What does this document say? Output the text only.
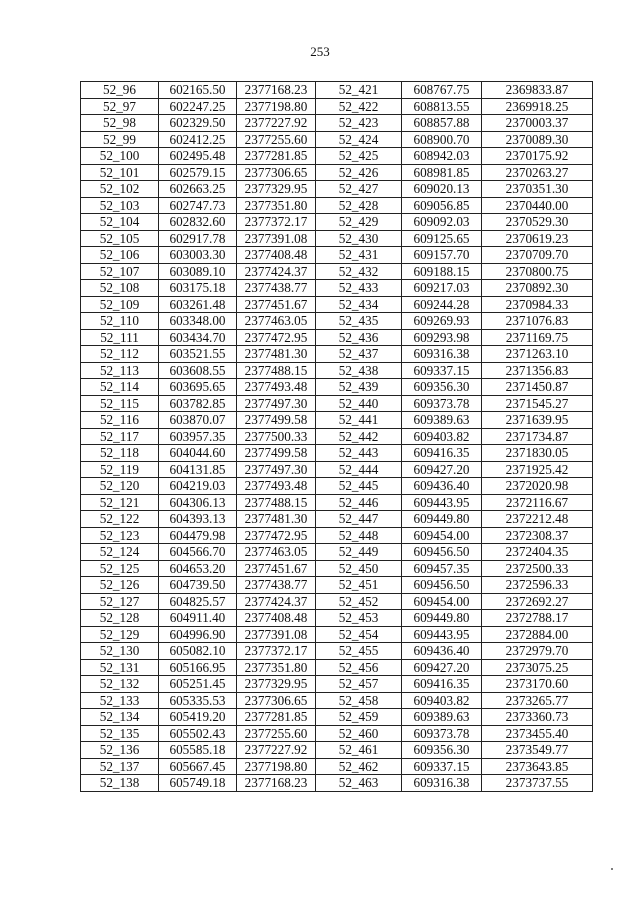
253
52_96	602165.50	2377168.23	52_421	608767.75	2369833.87
52_97	602247.25	2377198.80	52_422	608813.55	2369918.25
52_98	602329.50	2377227.92	52_423	608857.88	2370003.37
52_99	602412.25	2377255.60	52_424	608900.70	2370089.30
52_100	602495.48	2377281.85	52_425	608942.03	2370175.92
52_101	602579.15	2377306.65	52_426	608981.85	2370263.27
52_102	602663.25	2377329.95	52_427	609020.13	2370351.30
52_103	602747.73	2377351.80	52_428	609056.85	2370440.00
52_104	602832.60	2377372.17	52_429	609092.03	2370529.30
52_105	602917.78	2377391.08	52_430	609125.65	2370619.23
52_106	603003.30	2377408.48	52_431	609157.70	2370709.70
52_107	603089.10	2377424.37	52_432	609188.15	2370800.75
52_108	603175.18	2377438.77	52_433	609217.03	2370892.30
52_109	603261.48	2377451.67	52_434	609244.28	2370984.33
52_110	603348.00	2377463.05	52_435	609269.93	2371076.83
52_111	603434.70	2377472.95	52_436	609293.98	2371169.75
52_112	603521.55	2377481.30	52_437	609316.38	2371263.10
52_113	603608.55	2377488.15	52_438	609337.15	2371356.83
52_114	603695.65	2377493.48	52_439	609356.30	2371450.87
52_115	603782.85	2377497.30	52_440	609373.78	2371545.27
52_116	603870.07	2377499.58	52_441	609389.63	2371639.95
52_117	603957.35	2377500.33	52_442	609403.82	2371734.87
52_118	604044.60	2377499.58	52_443	609416.35	2371830.05
52_119	604131.85	2377497.30	52_444	609427.20	2371925.42
52_120	604219.03	2377493.48	52_445	609436.40	2372020.98
52_121	604306.13	2377488.15	52_446	609443.95	2372116.67
52_122	604393.13	2377481.30	52_447	609449.80	2372212.48
52_123	604479.98	2377472.95	52_448	609454.00	2372308.37
52_124	604566.70	2377463.05	52_449	609456.50	2372404.35
52_125	604653.20	2377451.67	52_450	609457.35	2372500.33
52_126	604739.50	2377438.77	52_451	609456.50	2372596.33
52_127	604825.57	2377424.37	52_452	609454.00	2372692.27
52_128	604911.40	2377408.48	52_453	609449.80	2372788.17
52_129	604996.90	2377391.08	52_454	609443.95	2372884.00
52_130	605082.10	2377372.17	52_455	609436.40	2372979.70
52_131	605166.95	2377351.80	52_456	609427.20	2373075.25
52_132	605251.45	2377329.95	52_457	609416.35	2373170.60
52_133	605335.53	2377306.65	52_458	609403.82	2373265.77
52_134	605419.20	2377281.85	52_459	609389.63	2373360.73
52_135	605502.43	2377255.60	52_460	609373.78	2373455.40
52_136	605585.18	2377227.92	52_461	609356.30	2373549.77
52_137	605667.45	2377198.80	52_462	609337.15	2373643.85
52_138	605749.18	2377168.23	52_463	609316.38	2373737.55
